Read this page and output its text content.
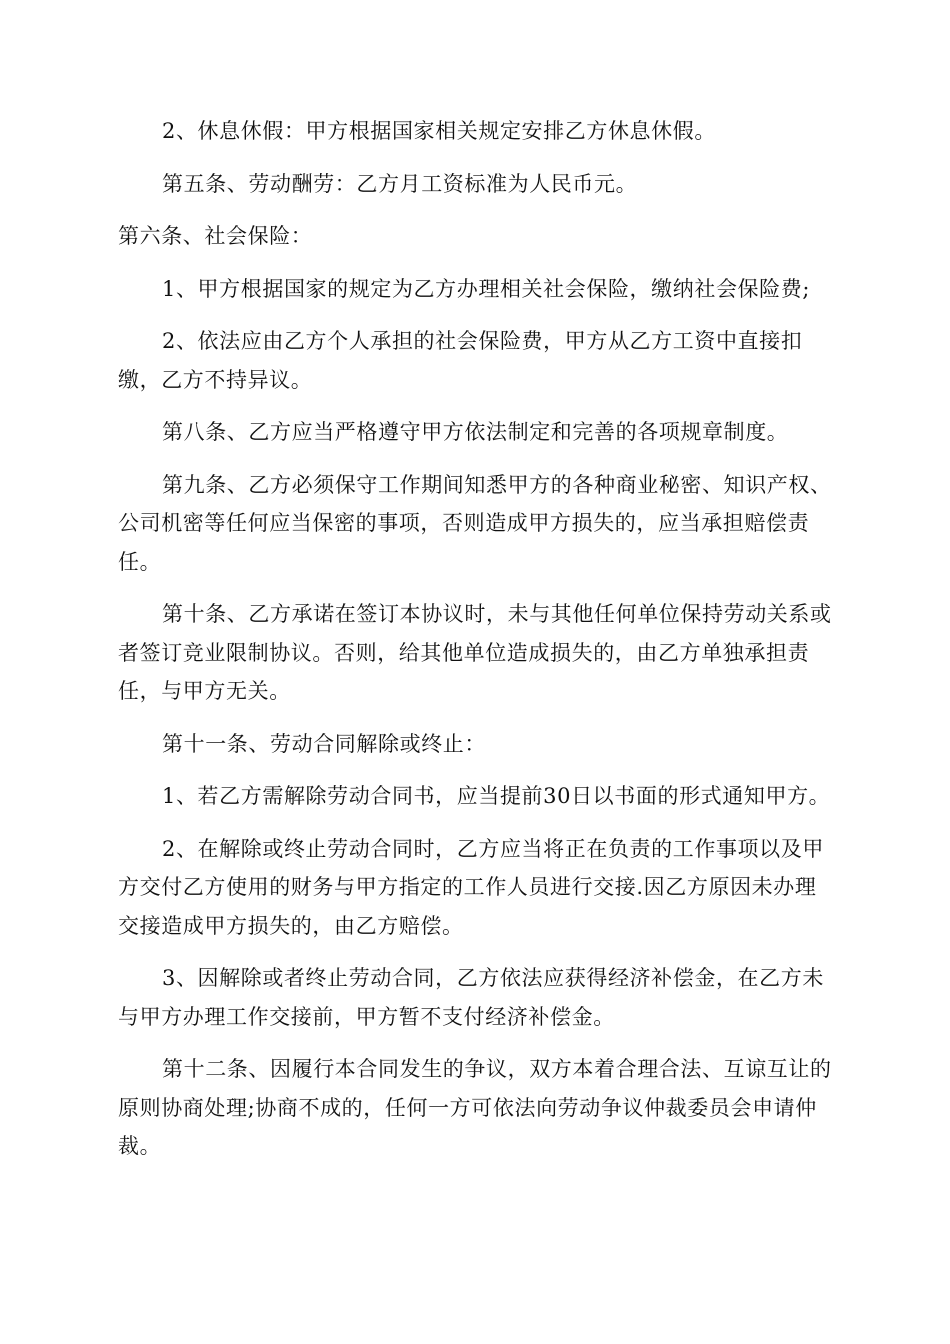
2、休息休假：甲方根据国家相关规定安排乙方休息休假。

第五条、劳动酬劳：乙方月工资标准为人民币元。

第六条、社会保险：

1、甲方根据国家的规定为乙方办理相关社会保险，缴纳社会保险费;

2、依法应由乙方个人承担的社会保险费，甲方从乙方工资中直接扣缴，乙方不持异议。

第八条、乙方应当严格遵守甲方依法制定和完善的各项规章制度。

第九条、乙方必须保守工作期间知悉甲方的各种商业秘密、知识产权、公司机密等任何应当保密的事项，否则造成甲方损失的，应当承担赔偿责任。

第十条、乙方承诺在签订本协议时，未与其他任何单位保持劳动关系或者签订竞业限制协议。否则，给其他单位造成损失的，由乙方单独承担责任，与甲方无关。

第十一条、劳动合同解除或终止：

1、若乙方需解除劳动合同书，应当提前30日以书面的形式通知甲方。

2、在解除或终止劳动合同时，乙方应当将正在负责的工作事项以及甲方交付乙方使用的财务与甲方指定的工作人员进行交接.因乙方原因未办理交接造成甲方损失的，由乙方赔偿。

3、因解除或者终止劳动合同，乙方依法应获得经济补偿金，在乙方未与甲方办理工作交接前，甲方暂不支付经济补偿金。

第十二条、因履行本合同发生的争议，双方本着合理合法、互谅互让的原则协商处理;协商不成的，任何一方可依法向劳动争议仲裁委员会申请仲裁。
